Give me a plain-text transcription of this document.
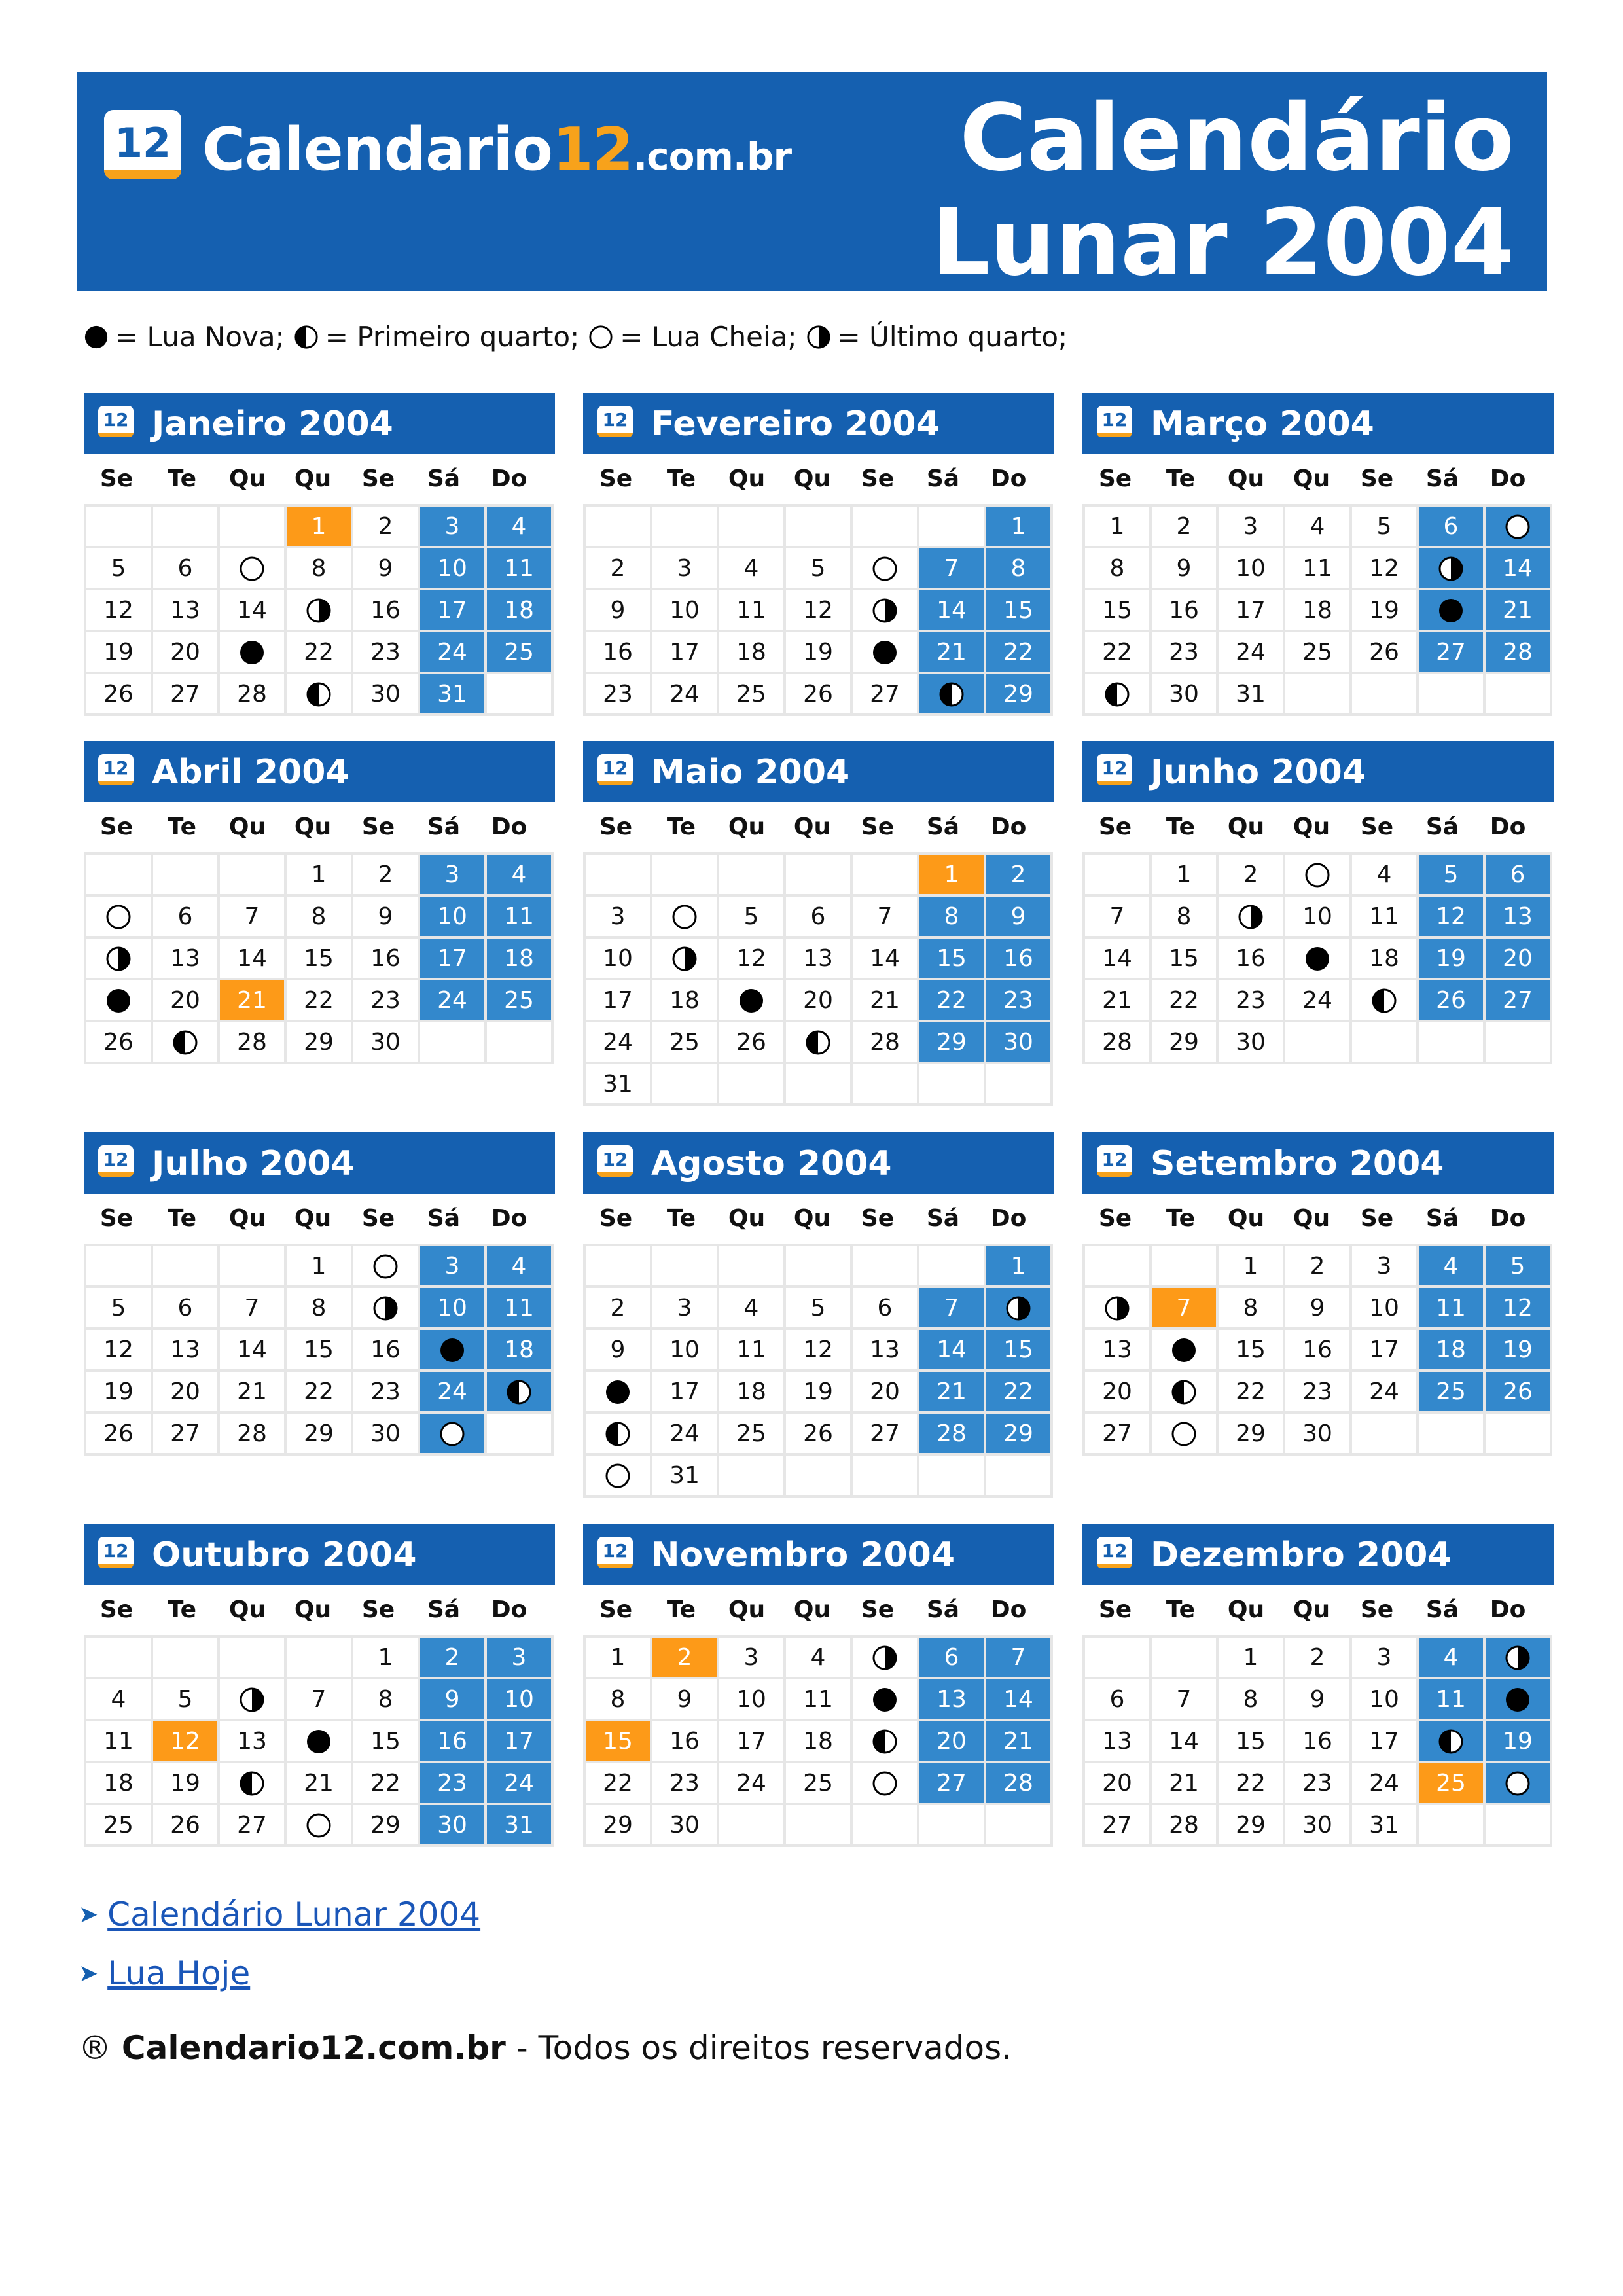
12 Calendario12.com.br	Calendário
Lunar 2004
= Lua Nova; = Primeiro quarto; = Lua Cheia; = Último quarto;
12 Janeiro 2004
Se	Te	Qu	Qu	Se	Sá	Do
			1	2	3	4
5	6		8	9	10	11
12	13	14		16	17	18
19	20		22	23	24	25
26	27	28		30	31	
12 Fevereiro 2004
Se	Te	Qu	Qu	Se	Sá	Do
						1
2	3	4	5		7	8
9	10	11	12		14	15
16	17	18	19		21	22
23	24	25	26	27		29
12 Março 2004
Se	Te	Qu	Qu	Se	Sá	Do
1	2	3	4	5	6	
8	9	10	11	12		14
15	16	17	18	19		21
22	23	24	25	26	27	28
	30	31				
12 Abril 2004
Se	Te	Qu	Qu	Se	Sá	Do
			1	2	3	4
	6	7	8	9	10	11
	13	14	15	16	17	18
	20	21	22	23	24	25
26		28	29	30		
12 Maio 2004
Se	Te	Qu	Qu	Se	Sá	Do
					1	2
3		5	6	7	8	9
10		12	13	14	15	16
17	18		20	21	22	23
24	25	26		28	29	30
31						
12 Junho 2004
Se	Te	Qu	Qu	Se	Sá	Do
	1	2		4	5	6
7	8		10	11	12	13
14	15	16		18	19	20
21	22	23	24		26	27
28	29	30				
12 Julho 2004
Se	Te	Qu	Qu	Se	Sá	Do
			1		3	4
5	6	7	8		10	11
12	13	14	15	16		18
19	20	21	22	23	24	
26	27	28	29	30		
12 Agosto 2004
Se	Te	Qu	Qu	Se	Sá	Do
						1
2	3	4	5	6	7	
9	10	11	12	13	14	15
	17	18	19	20	21	22
	24	25	26	27	28	29
	31					
12 Setembro 2004
Se	Te	Qu	Qu	Se	Sá	Do
		1	2	3	4	5
	7	8	9	10	11	12
13		15	16	17	18	19
20		22	23	24	25	26
27		29	30			
12 Outubro 2004
Se	Te	Qu	Qu	Se	Sá	Do
				1	2	3
4	5		7	8	9	10
11	12	13		15	16	17
18	19		21	22	23	24
25	26	27		29	30	31
12 Novembro 2004
Se	Te	Qu	Qu	Se	Sá	Do
1	2	3	4		6	7
8	9	10	11		13	14
15	16	17	18		20	21
22	23	24	25		27	28
29	30					
12 Dezembro 2004
Se	Te	Qu	Qu	Se	Sá	Do
		1	2	3	4	
6	7	8	9	10	11	
13	14	15	16	17		19
20	21	22	23	24	25	
27	28	29	30	31		
➤ Calendário Lunar 2004
➤ Lua Hoje
® Calendario12.com.br - Todos os direitos reservados.
